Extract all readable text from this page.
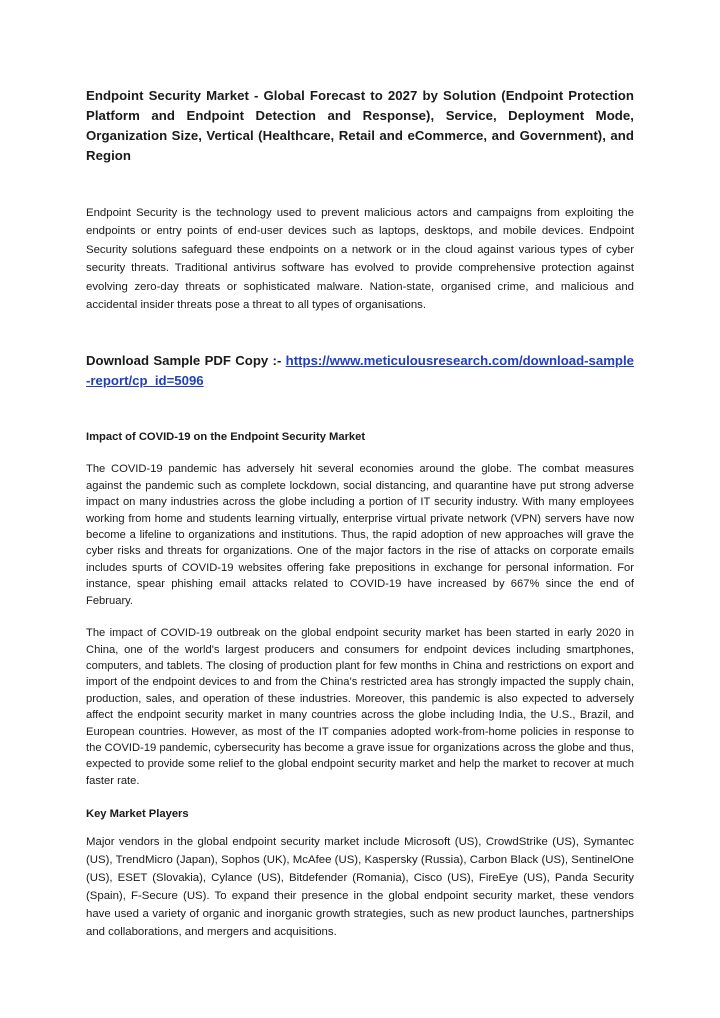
Endpoint Security Market - Global Forecast to 2027 by Solution (Endpoint Protection Platform and Endpoint Detection and Response), Service, Deployment Mode, Organization Size, Vertical (Healthcare, Retail and eCommerce, and Government), and Region

Endpoint Security is the technology used to prevent malicious actors and campaigns from exploiting the endpoints or entry points of end-user devices such as laptops, desktops, and mobile devices. Endpoint Security solutions safeguard these endpoints on a network or in the cloud against various types of cyber security threats. Traditional antivirus software has evolved to provide comprehensive protection against evolving zero-day threats or sophisticated malware. Nation-state, organised crime, and malicious and accidental insider threats pose a threat to all types of organisations.

Download Sample PDF Copy :- https://www.meticulousresearch.com/download-sample-report/cp_id=5096

Impact of COVID-19 on the Endpoint Security Market

The COVID-19 pandemic has adversely hit several economies around the globe. The combat measures against the pandemic such as complete lockdown, social distancing, and quarantine have put strong adverse impact on many industries across the globe including a portion of IT security industry. With many employees working from home and students learning virtually, enterprise virtual private network (VPN) servers have now become a lifeline to organizations and institutions. Thus, the rapid adoption of new approaches will grave the cyber risks and threats for organizations. One of the major factors in the rise of attacks on corporate emails includes spurts of COVID-19 websites offering fake prepositions in exchange for personal information. For instance, spear phishing email attacks related to COVID-19 have increased by 667% since the end of February.

The impact of COVID-19 outbreak on the global endpoint security market has been started in early 2020 in China, one of the world's largest producers and consumers for endpoint devices including smartphones, computers, and tablets. The closing of production plant for few months in China and restrictions on export and import of the endpoint devices to and from the China’s restricted area has strongly impacted the supply chain, production, sales, and operation of these industries. Moreover, this pandemic is also expected to adversely affect the endpoint security market in many countries across the globe including India, the U.S., Brazil, and European countries. However, as most of the IT companies adopted work-from-home policies in response to the COVID-19 pandemic, cybersecurity has become a grave issue for organizations across the globe and thus, expected to provide some relief to the global endpoint security market and help the market to recover at much faster rate.

Key Market Players

Major vendors in the global endpoint security market include Microsoft (US), CrowdStrike (US), Symantec (US), TrendMicro (Japan), Sophos (UK), McAfee (US), Kaspersky (Russia), Carbon Black (US), SentinelOne (US), ESET (Slovakia), Cylance (US), Bitdefender (Romania), Cisco (US), FireEye (US), Panda Security (Spain), F-Secure (US). To expand their presence in the global endpoint security market, these vendors have used a variety of organic and inorganic growth strategies, such as new product launches, partnerships and collaborations, and mergers and acquisitions.
